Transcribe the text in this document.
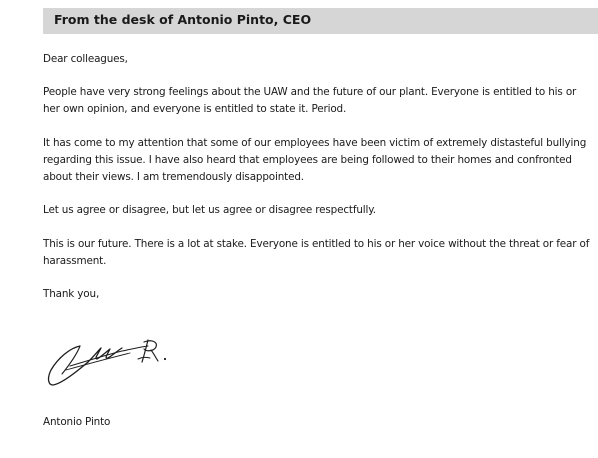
From the desk of Antonio Pinto, CEO

Dear colleagues,

People have very strong feelings about the UAW and the future of our plant. Everyone is entitled to his or her own opinion, and everyone is entitled to state it. Period.

It has come to my attention that some of our employees have been victim of extremely distasteful bullying regarding this issue. I have also heard that employees are being followed to their homes and confronted about their views. I am tremendously disappointed.

Let us agree or disagree, but let us agree or disagree respectfully.

This is our future. There is a lot at stake. Everyone is entitled to his or her voice without the threat or fear of harassment.

Thank you,

Antonio Pinto
